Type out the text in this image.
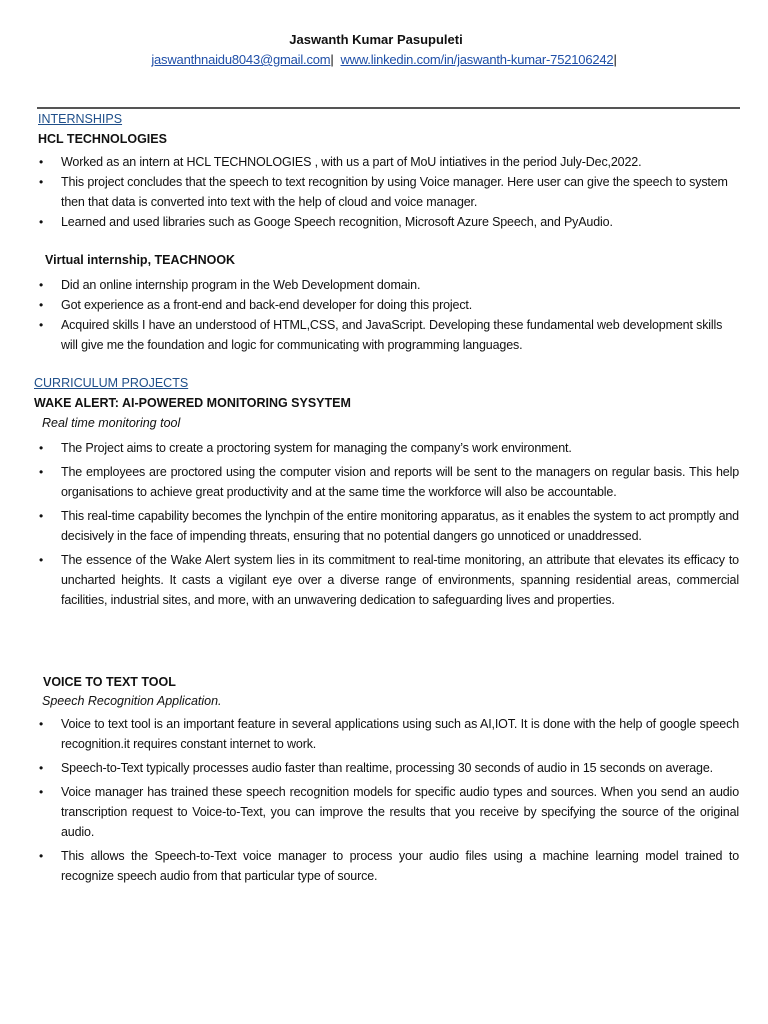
Jaswanth Kumar Pasupuleti
jaswanthnaidu8043@gmail.com| www.linkedin.com/in/jaswanth-kumar-752106242|
INTERNSHIPS
HCL TECHNOLOGIES
• Worked as an intern at HCL TECHNOLOGIES , with us a part of MoU intiatives in the period July-Dec,2022.
• This project concludes that the speech to text recognition by using Voice manager. Here user can give the speech to system then that data is converted into text with the help of cloud and voice manager.
• Learned and used libraries such as Googe Speech recognition, Microsoft Azure Speech, and PyAudio.
Virtual internship, TEACHNOOK
• Did an online internship program in the Web Development domain.
• Got experience as a front-end and back-end developer for doing this project.
• Acquired skills I have an understood of HTML,CSS, and JavaScript. Developing these fundamental web development skills will give me the foundation and logic for communicating with programming languages.
CURRICULUM PROJECTS
WAKE ALERT: AI-POWERED MONITORING SYSYTEM
Real time monitoring tool
• The Project aims to create a proctoring system for managing the company’s work environment.
• The employees are proctored using the computer vision and reports will be sent to the managers on regular basis. This help organisations to achieve great productivity and at the same time the workforce will also be accountable.
• This real-time capability becomes the lynchpin of the entire monitoring apparatus, as it enables the system to act promptly and decisively in the face of impending threats, ensuring that no potential dangers go unnoticed or unaddressed.
• The essence of the Wake Alert system lies in its commitment to real-time monitoring, an attribute that elevates its efficacy to uncharted heights. It casts a vigilant eye over a diverse range of environments, spanning residential areas, commercial facilities, industrial sites, and more, with an unwavering dedication to safeguarding lives and properties.
VOICE TO TEXT TOOL
Speech Recognition Application.
• Voice to text tool is an important feature in several applications using such as AI,IOT. It is done with the help of google speech recognition.it requires constant internet to work.
• Speech-to-Text typically processes audio faster than realtime, processing 30 seconds of audio in 15 seconds on average.
• Voice manager has trained these speech recognition models for specific audio types and sources. When you send an audio transcription request to Voice-to-Text, you can improve the results that you receive by specifying the source of the original audio.
• This allows the Speech-to-Text voice manager to process your audio files using a machine learning model trained to recognize speech audio from that particular type of source.
